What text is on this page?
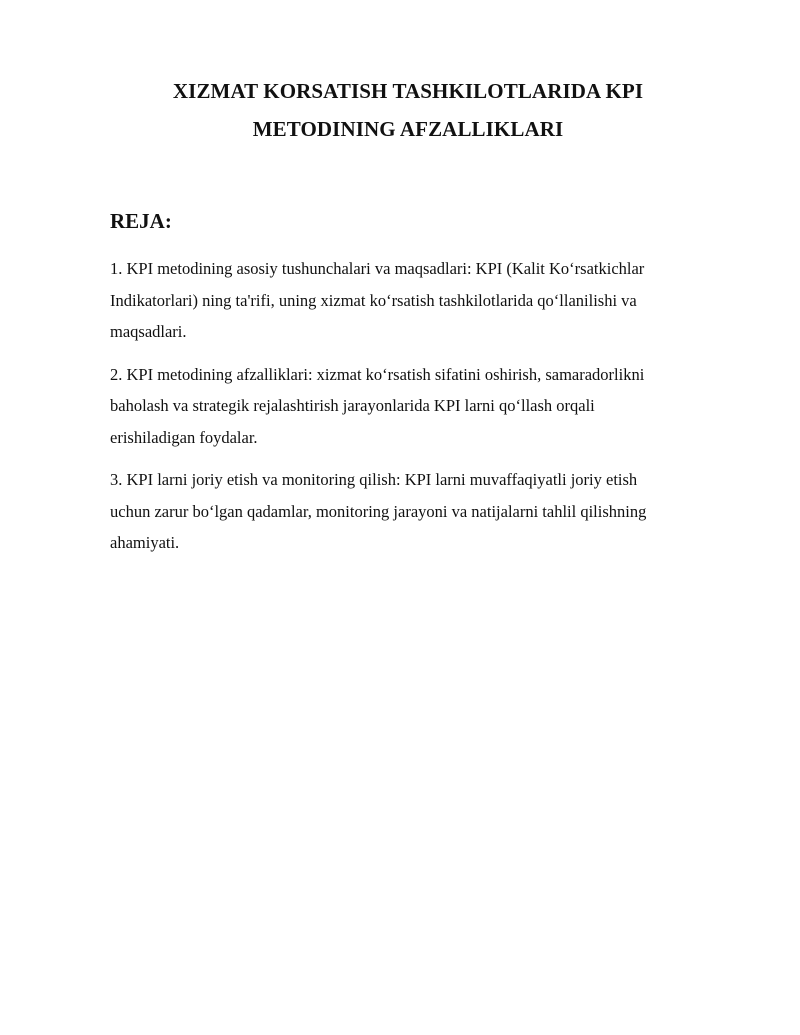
XIZMAT KORSATISH TASHKILOTLARIDA KPI
METODINING AFZALLIKLARI
REJA:
1. KPI metodining asosiy tushunchalari va maqsadlari: KPI (Kalit Ko‘rsatkichlar
Indikatorlari) ning ta'rifi, uning xizmat ko‘rsatish tashkilotlarida qo‘llanilishi va
maqsadlari.
2. KPI metodining afzalliklari: xizmat ko‘rsatish sifatini oshirish, samaradorlikni
baholash va strategik rejalashtirish jarayonlarida KPI larni qo‘llash orqali
erishiladigan foydalar.
3. KPI larni joriy etish va monitoring qilish: KPI larni muvaffaqiyatli joriy etish
uchun zarur bo‘lgan qadamlar, monitoring jarayoni va natijalarni tahlil qilishning
ahamiyati.
